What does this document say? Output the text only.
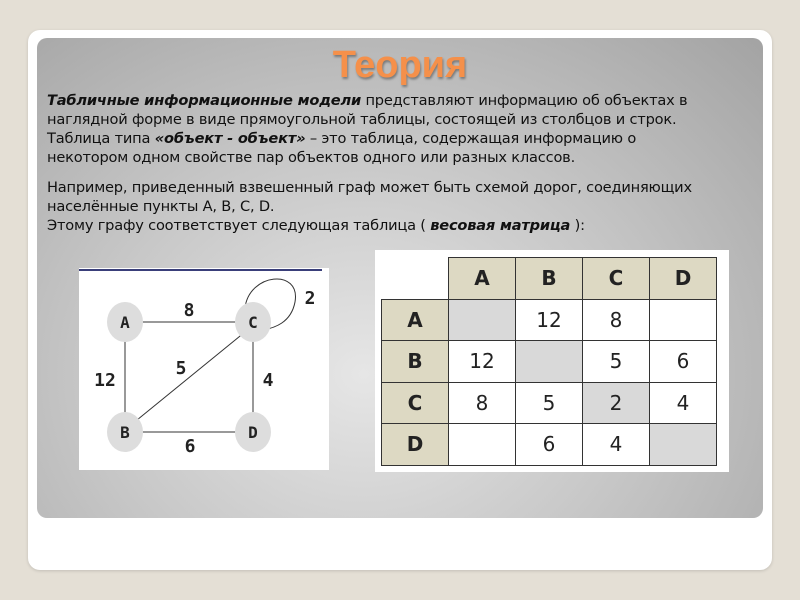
Теория

Табличные информационные модели представляют информацию об объектах в

наглядной форме в виде прямоугольной таблицы, состоящей из столбцов и строк.

Таблица типа «объект - объект» – это таблица, содержащая информацию о

некотором одном свойстве пар объектов одного или разных классов.

Например, приведенный взвешенный граф может быть схемой дорог, соединяющих

населённые пункты A, B, C, D.

Этому графу соответствует следующая таблица ( весовая матрица ):

A
B
C
D
8
12
5
4
6
2
	A	B	C	D
A		12	8	
B	12		5	6
C	8	5	2	4
D		6	4	
